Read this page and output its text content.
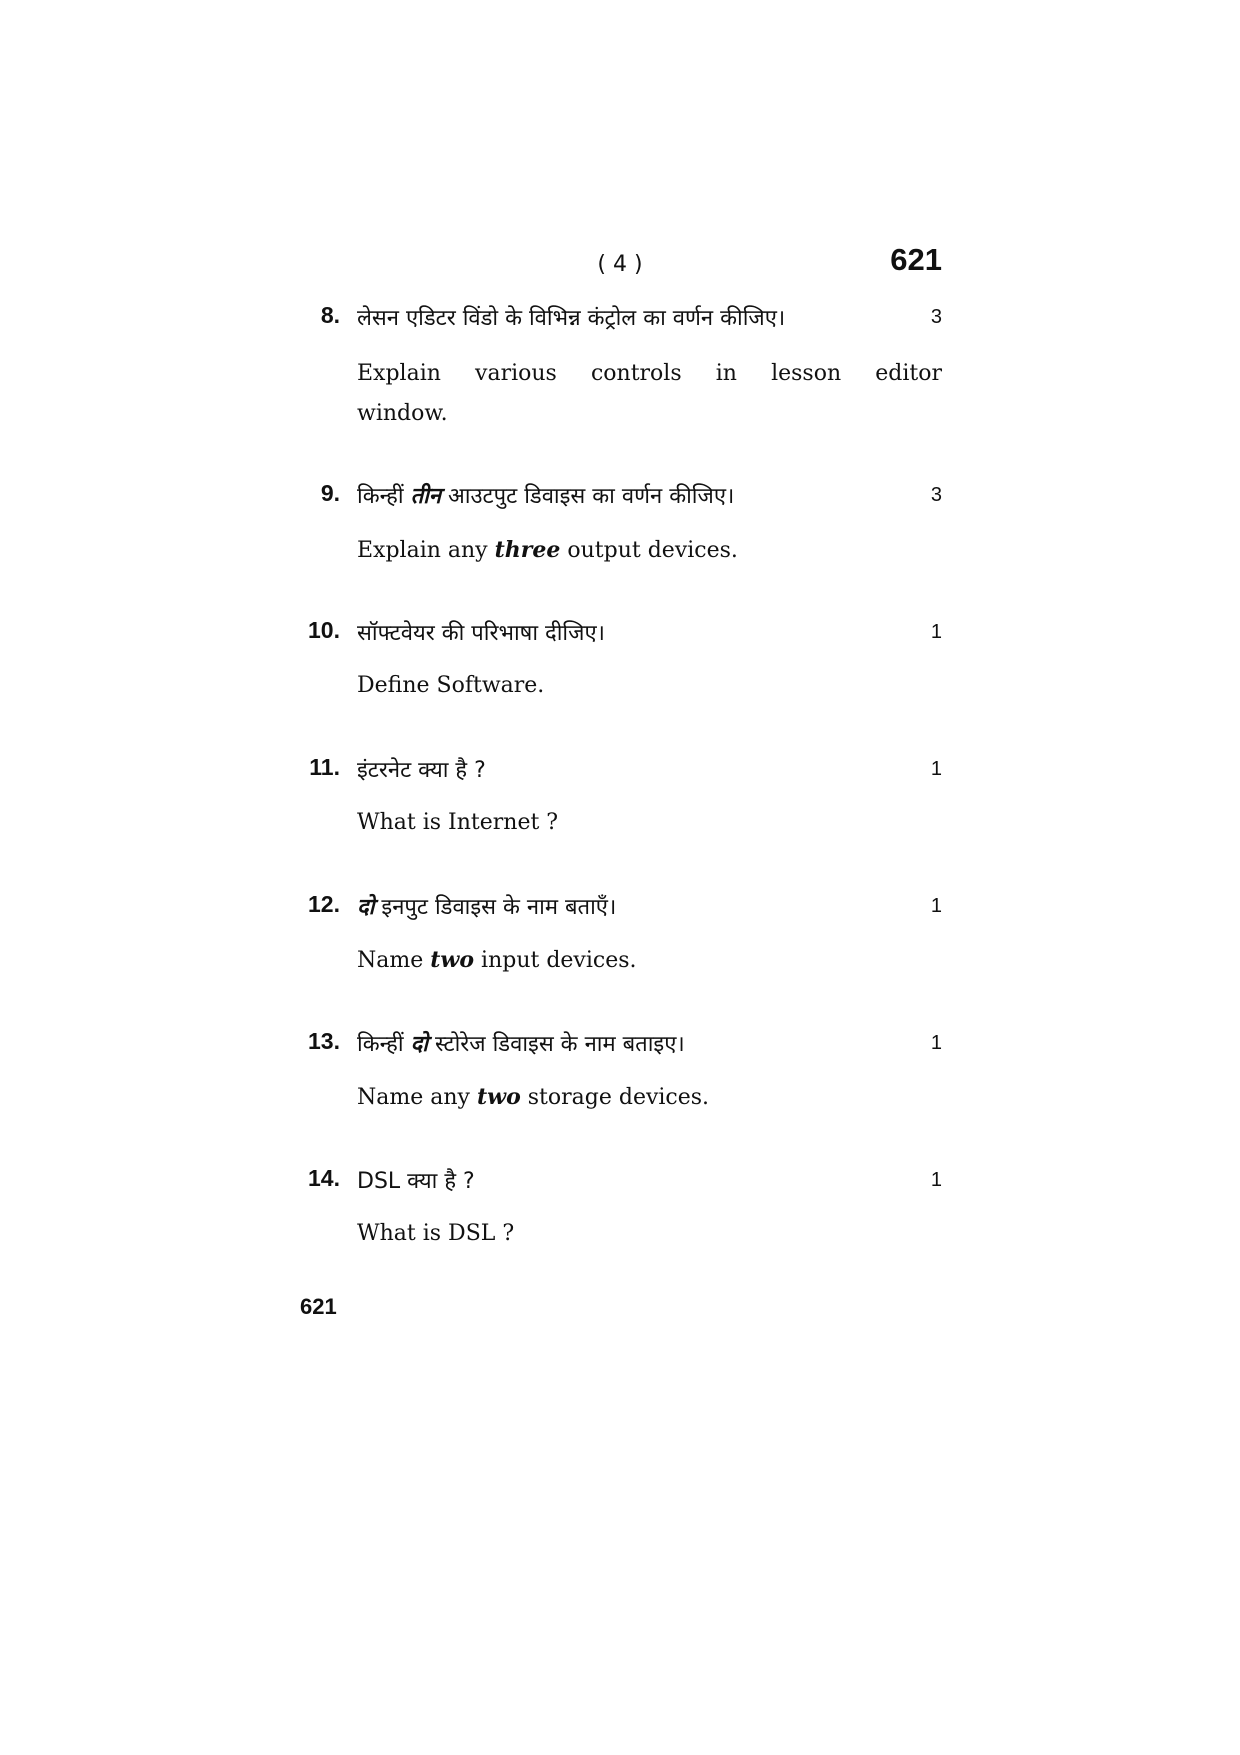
( 4 )	621
8. लेसन एडिटर विंडो के विभिन्न कंट्रोल का वर्णन कीजिए।	3
Explain various controls in lesson editor
window.
9. किन्हीं तीन आउटपुट डिवाइस का वर्णन कीजिए।	3
Explain any three output devices.
10. सॉफ्टवेयर की परिभाषा दीजिए।	1
Define Software.
11. इंटरनेट क्या है ?	1
What is Internet ?
12. दो इनपुट डिवाइस के नाम बताएँ।	1
Name two input devices.
13. किन्हीं दो स्टोरेज डिवाइस के नाम बताइए।	1
Name any two storage devices.
14. DSL क्या है ?	1
What is DSL ?
621
